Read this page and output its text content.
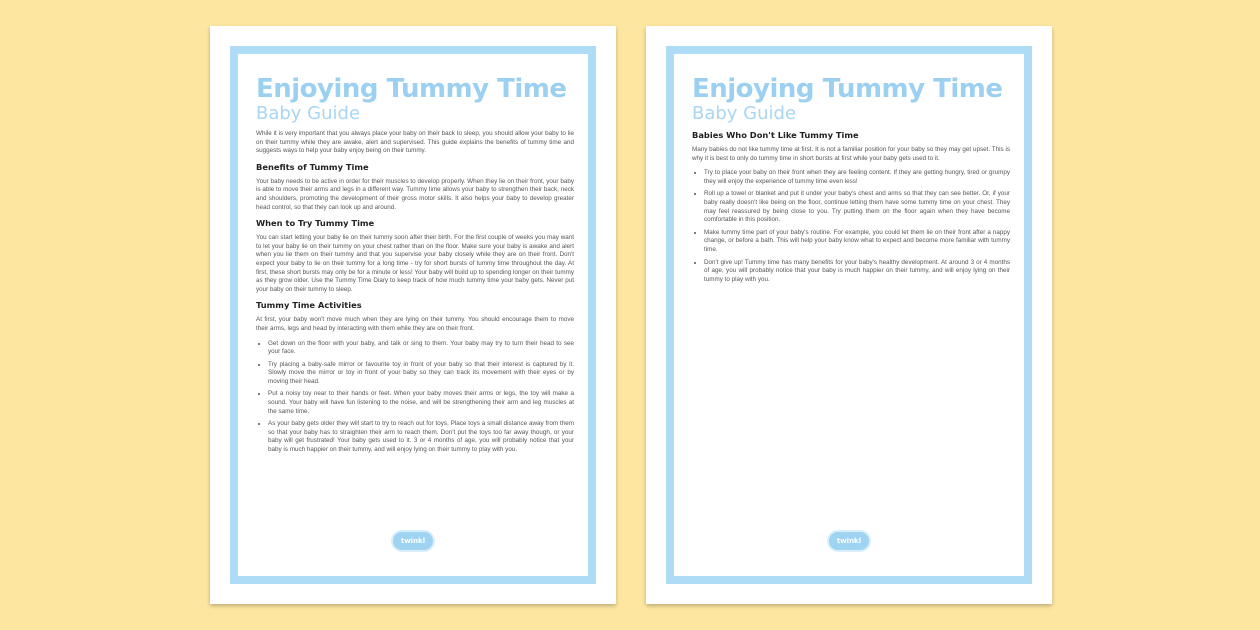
Enjoying Tummy Time
Baby Guide

While it is very important that you always place your baby on their back to sleep, you should allow your baby to lie on their tummy while they are awake, alert and supervised. This guide explains the benefits of tummy time and suggests ways to help your baby enjoy being on their tummy.

Benefits of Tummy Time

Your baby needs to be active in order for their muscles to develop properly. When they lie on their front, your baby is able to move their arms and legs in a different way. Tummy time allows your baby to strengthen their back, neck and shoulders, promoting the development of their gross motor skills. It also helps your baby to develop greater head control, so that they can look up and around.

When to Try Tummy Time

You can start letting your baby lie on their tummy soon after their birth. For the first couple of weeks you may want to let your baby lie on their tummy on your chest rather than on the floor. Make sure your baby is awake and alert when you lie them on their tummy and that you supervise your baby closely while they are on their front. Don't expect your baby to lie on their tummy for a long time - try for short bursts of tummy time throughout the day. At first, these short bursts may only be for a minute or less! Your baby will build up to spending longer on their tummy as they grow older. Use the Tummy Time Diary to keep track of how much tummy time your baby gets. Never put your baby on their tummy to sleep.

Tummy Time Activities

At first, your baby won't move much when they are lying on their tummy. You should encourage them to move their arms, legs and head by interacting with them while they are on their front.

• Get down on the floor with your baby, and talk or sing to them. Your baby may try to turn their head to see your face.
• Try placing a baby-safe mirror or favourite toy in front of your baby so that their interest is captured by it. Slowly move the mirror or toy in front of your baby so they can track its movement with their eyes or by moving their head.
• Put a noisy toy near to their hands or feet. When your baby moves their arms or legs, the toy will make a sound. Your baby will have fun listening to the noise, and will be strengthening their arm and leg muscles at the same time.
• As your baby gets older they will start to try to reach out for toys. Place toys a small distance away from them so that your baby has to straighten their arm to reach them. Don't put the toys too far away though, or your baby will get frustrated! Your baby gets used to it. 3 or 4 months of age, you will probably notice that your baby is much happier on their tummy, and will enjoy lying on their tummy to play with you.
twinkl
Enjoying Tummy Time
Baby Guide
Babies Who Don't Like Tummy Time

Many babies do not like tummy time at first. It is not a familiar position for your baby so they may get upset. This is why it is best to only do tummy time in short bursts at first while your baby gets used to it.

• Try to place your baby on their front when they are feeling content. If they are getting hungry, tired or grumpy they will enjoy the experience of tummy time even less!
• Roll up a towel or blanket and put it under your baby's chest and arms so that they can see better. Or, if your baby really doesn't like being on the floor, continue letting them have some tummy time on your chest. They may feel reassured by being close to you. Try putting them on the floor again when they have become comfortable in this position.
• Make tummy time part of your baby's routine. For example, you could let them lie on their front after a nappy change, or before a bath. This will help your baby know what to expect and become more familiar with tummy time.
• Don't give up! Tummy time has many benefits for your baby's healthy development. At around 3 or 4 months of age, you will probably notice that your baby is much happier on their tummy, and will enjoy lying on their tummy to play with you.
twinkl
